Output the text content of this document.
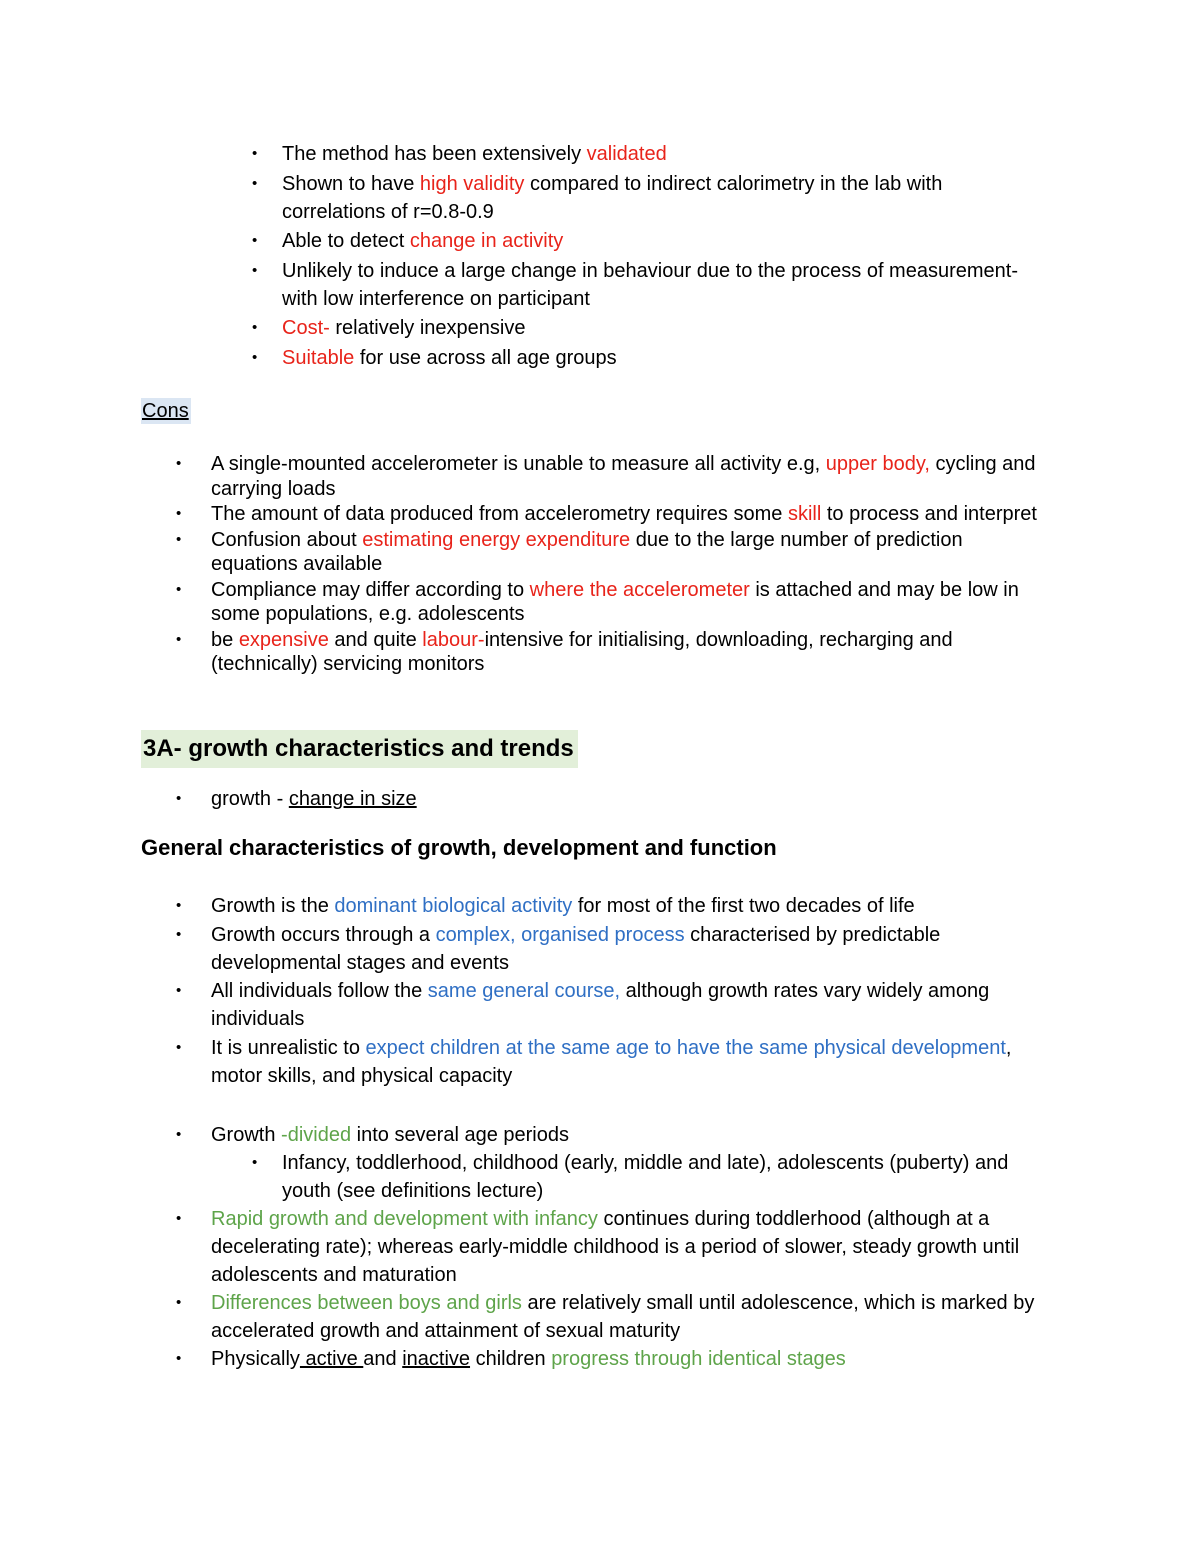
• The method has been extensively validated
• Shown to have high validity compared to indirect calorimetry in the lab with correlations of r=0.8-0.9
• Able to detect change in activity
• Unlikely to induce a large change in behaviour due to the process of measurement- with low interference on participant
• Cost- relatively inexpensive
• Suitable for use across all age groups
Cons
• A single-mounted accelerometer is unable to measure all activity e.g, upper body, cycling and carrying loads
• The amount of data produced from accelerometry requires some skill to process and interpret
• Confusion about estimating energy expenditure due to the large number of prediction equations available
• Compliance may differ according to where the accelerometer is attached and may be low in some populations, e.g. adolescents
• be expensive and quite labour-intensive for initialising, downloading, recharging and (technically) servicing monitors
3A- growth characteristics and trends
• growth - change in size
General characteristics of growth, development and function
• Growth is the dominant biological activity for most of the first two decades of life
• Growth occurs through a complex, organised process characterised by predictable developmental stages and events
• All individuals follow the same general course, although growth rates vary widely among individuals
• It is unrealistic to expect children at the same age to have the same physical development, motor skills, and physical capacity
• Growth -divided into several age periods
• Infancy, toddlerhood, childhood (early, middle and late), adolescents (puberty) and youth (see definitions lecture)
• Rapid growth and development with infancy continues during toddlerhood (although at a decelerating rate); whereas early-middle childhood is a period of slower, steady growth until adolescents and maturation
• Differences between boys and girls are relatively small until adolescence, which is marked by accelerated growth and attainment of sexual maturity
• Physically active and inactive children progress through identical stages
